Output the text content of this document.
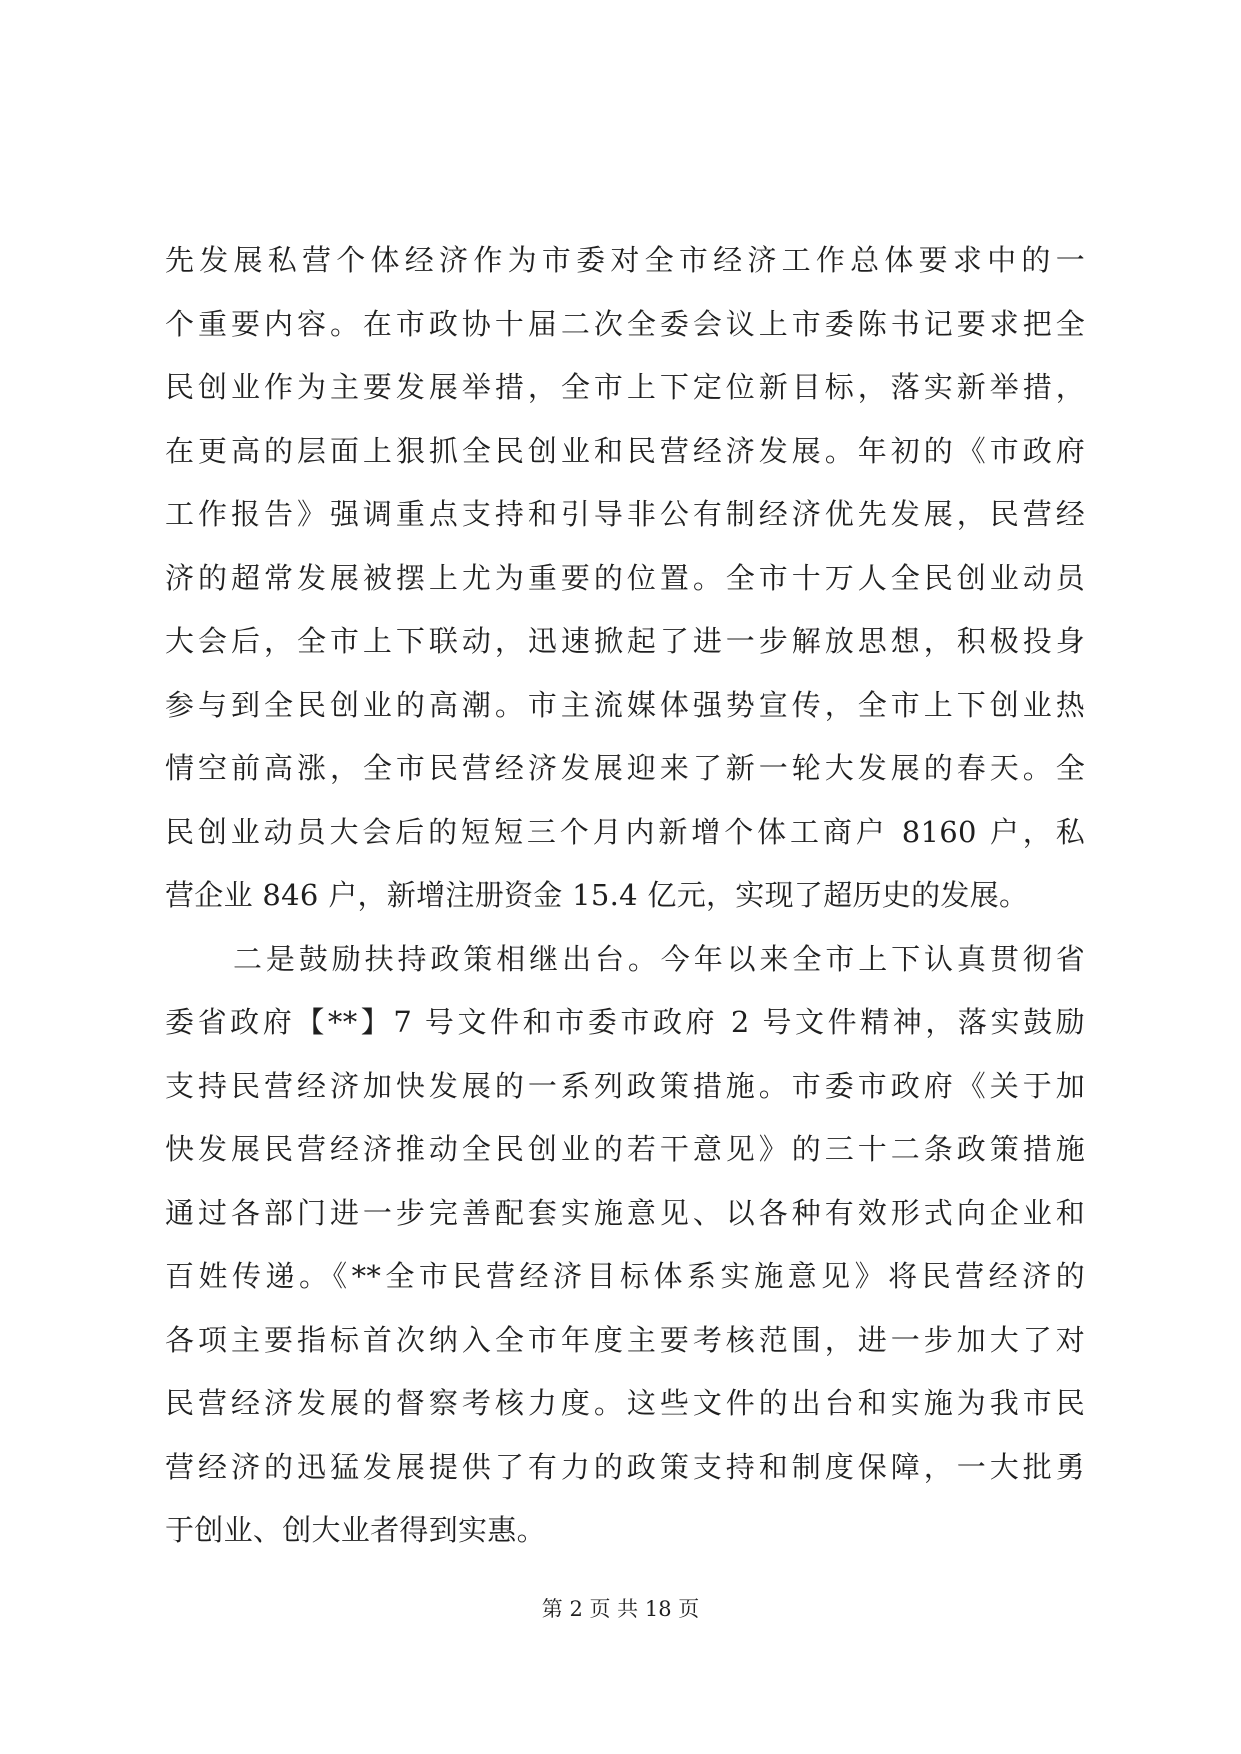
先发展私营个体经济作为市委对全市经济工作总体要求中的一
个重要内容。在市政协十届二次全委会议上市委陈书记要求把全
民创业作为主要发展举措，全市上下定位新目标，落实新举措，
在更高的层面上狠抓全民创业和民营经济发展。年初的《市政府
工作报告》强调重点支持和引导非公有制经济优先发展，民营经
济的超常发展被摆上尤为重要的位置。全市十万人全民创业动员
大会后，全市上下联动，迅速掀起了进一步解放思想，积极投身
参与到全民创业的高潮。市主流媒体强势宣传，全市上下创业热
情空前高涨，全市民营经济发展迎来了新一轮大发展的春天。全
民创业动员大会后的短短三个月内新增个体工商户 8160 户，私
营企业 846 户，新增注册资金 15.4 亿元，实现了超历史的发展。
二是鼓励扶持政策相继出台。今年以来全市上下认真贯彻省
委省政府【**】7 号文件和市委市政府 2 号文件精神，落实鼓励
支持民营经济加快发展的一系列政策措施。市委市政府《关于加
快发展民营经济推动全民创业的若干意见》的三十二条政策措施
通过各部门进一步完善配套实施意见、以各种有效形式向企业和
百姓传递。《**全市民营经济目标体系实施意见》将民营经济的
各项主要指标首次纳入全市年度主要考核范围，进一步加大了对
民营经济发展的督察考核力度。这些文件的出台和实施为我市民
营经济的迅猛发展提供了有力的政策支持和制度保障，一大批勇
于创业、创大业者得到实惠。
第 2 页 共 18 页
